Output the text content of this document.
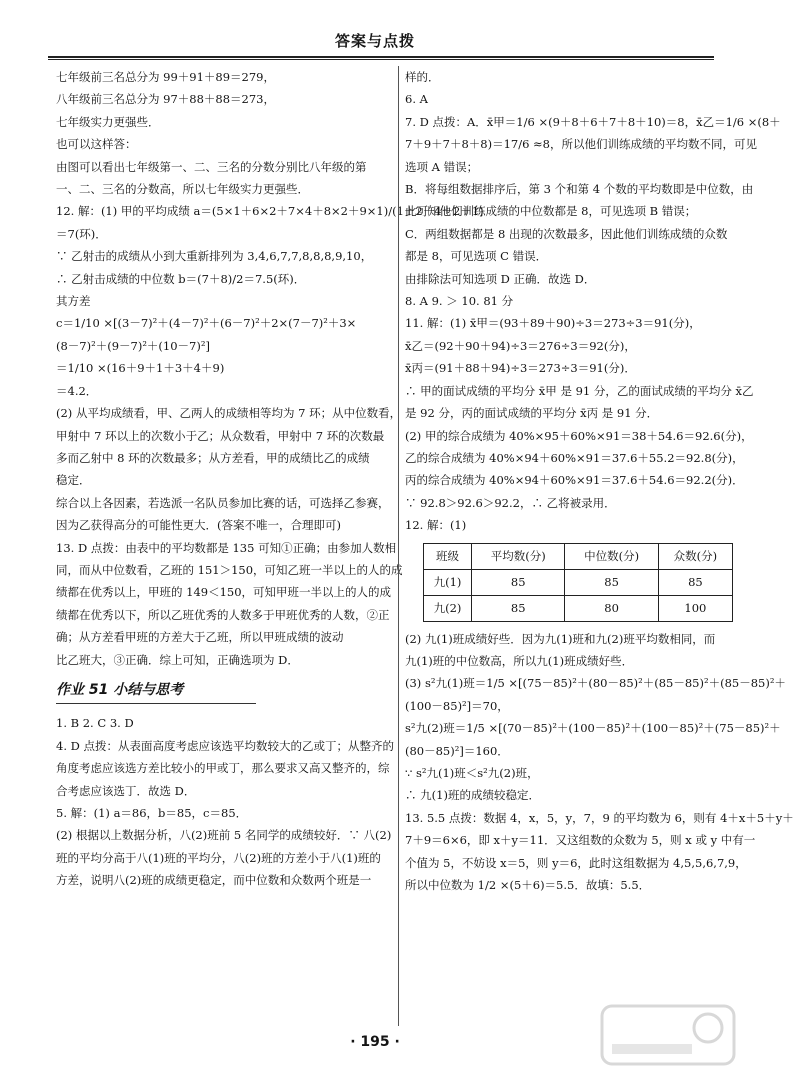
答案与点拨
七年级前三名总分为 99＋91＋89＝279，
八年级前三名总分为 97＋88＋88＝273，
七年级实力更强些．
也可以这样答：
由图可以看出七年级第一、二、三名的分数分别比八年级的第
一、二、三名的分数高，所以七年级实力更强些．
12. 解：(1) 甲的平均成绩 a＝(5×1＋6×2＋7×4＋8×2＋9×1)/(1＋2＋4＋2＋1)
＝7(环)．
∵ 乙射击的成绩从小到大重新排列为 3,4,6,7,7,8,8,8,9,10，
∴ 乙射击成绩的中位数 b＝(7＋8)/2＝7.5(环)．
其方差
c＝1/10 ×[(3－7)²＋(4－7)²＋(6－7)²＋2×(7－7)²＋3×
(8－7)²＋(9－7)²＋(10－7)²]
＝1/10 ×(16＋9＋1＋3＋4＋9)
＝4.2．
(2) 从平均成绩看，甲、乙两人的成绩相等均为 7 环；从中位数看，
甲射中 7 环以上的次数小于乙；从众数看，甲射中 7 环的次数最
多而乙射中 8 环的次数最多；从方差看，甲的成绩比乙的成绩
稳定．
综合以上各因素，若选派一名队员参加比赛的话，可选择乙参赛，
因为乙获得高分的可能性更大．(答案不唯一，合理即可)
13. D 点拨：由表中的平均数都是 135 可知①正确；由参加人数相
同，而从中位数看，乙班的 151＞150，可知乙班一半以上的人的成
绩都在优秀以上，甲班的 149＜150，可知甲班一半以上的人的成
绩都在优秀以下，所以乙班优秀的人数多于甲班优秀的人数，②正
确；从方差看甲班的方差大于乙班，所以甲班成绩的波动
比乙班大，③正确．综上可知，正确选项为 D．
作业 51 小结与思考
1. B 2. C 3. D
4. D 点拨：从表面高度考虑应该选平均数较大的乙或丁；从整齐的
角度考虑应该选方差比较小的甲或丁，那么要求又高又整齐的，综
合考虑应该选丁．故选 D．
5. 解：(1) a＝86，b＝85，c＝85．
(2) 根据以上数据分析，八(2)班前 5 名同学的成绩较好．∵ 八(2)
班的平均分高于八(1)班的平均分，八(2)班的方差小于八(1)班的
方差，说明八(2)班的成绩更稳定，而中位数和众数两个班是一
样的．
6. A
7. D 点拨：A．x̄甲＝1/6 ×(9＋8＋6＋7＋8＋10)＝8，x̄乙＝1/6 ×(8＋
7＋9＋7＋8＋8)＝17/6 ≈8，所以他们训练成绩的平均数不同，可见
选项 A 错误；
B．将每组数据排序后，第 3 个和第 4 个数的平均数即是中位数，由
此可知他们训练成绩的中位数都是 8，可见选项 B 错误；
C．两组数据都是 8 出现的次数最多，因此他们训练成绩的众数
都是 8，可见选项 C 错误．
由排除法可知选项 D 正确．故选 D．
8. A 9. ＞ 10. 81 分
11. 解：(1) x̄甲＝(93＋89＋90)÷3＝273÷3＝91(分)，
x̄乙＝(92＋90＋94)÷3＝276÷3＝92(分)，
x̄丙＝(91＋88＋94)÷3＝273÷3＝91(分)．
∴ 甲的面试成绩的平均分 x̄甲 是 91 分，乙的面试成绩的平均分 x̄乙
是 92 分，丙的面试成绩的平均分 x̄丙 是 91 分．
(2) 甲的综合成绩为 40%×95＋60%×91＝38＋54.6＝92.6(分)，
乙的综合成绩为 40%×94＋60%×91＝37.6＋55.2＝92.8(分)，
丙的综合成绩为 40%×94＋60%×91＝37.6＋54.6＝92.2(分)．
∵ 92.8＞92.6＞92.2，∴ 乙将被录用．
12. 解：(1)
班级	平均数(分)	中位数(分)	众数(分)
九(1)	85	85	85
九(2)	85	80	100
(2) 九(1)班成绩好些．因为九(1)班和九(2)班平均数相同，而
九(1)班的中位数高，所以九(1)班成绩好些．
(3) s²九(1)班＝1/5 ×[(75－85)²＋(80－85)²＋(85－85)²＋(85－85)²＋
(100－85)²]＝70，
s²九(2)班＝1/5 ×[(70－85)²＋(100－85)²＋(100－85)²＋(75－85)²＋
(80－85)²]＝160．
∵ s²九(1)班＜s²九(2)班，
∴ 九(1)班的成绩较稳定．
13. 5.5 点拨：数据 4，x，5，y，7，9 的平均数为 6，则有 4＋x＋5＋y＋
7＋9＝6×6，即 x＋y＝11．又这组数的众数为 5，则 x 或 y 中有一
个值为 5，不妨设 x＝5，则 y＝6，此时这组数据为 4,5,5,6,7,9，
所以中位数为 1/2 ×(5＋6)＝5.5．故填：5.5．
· 195 ·
